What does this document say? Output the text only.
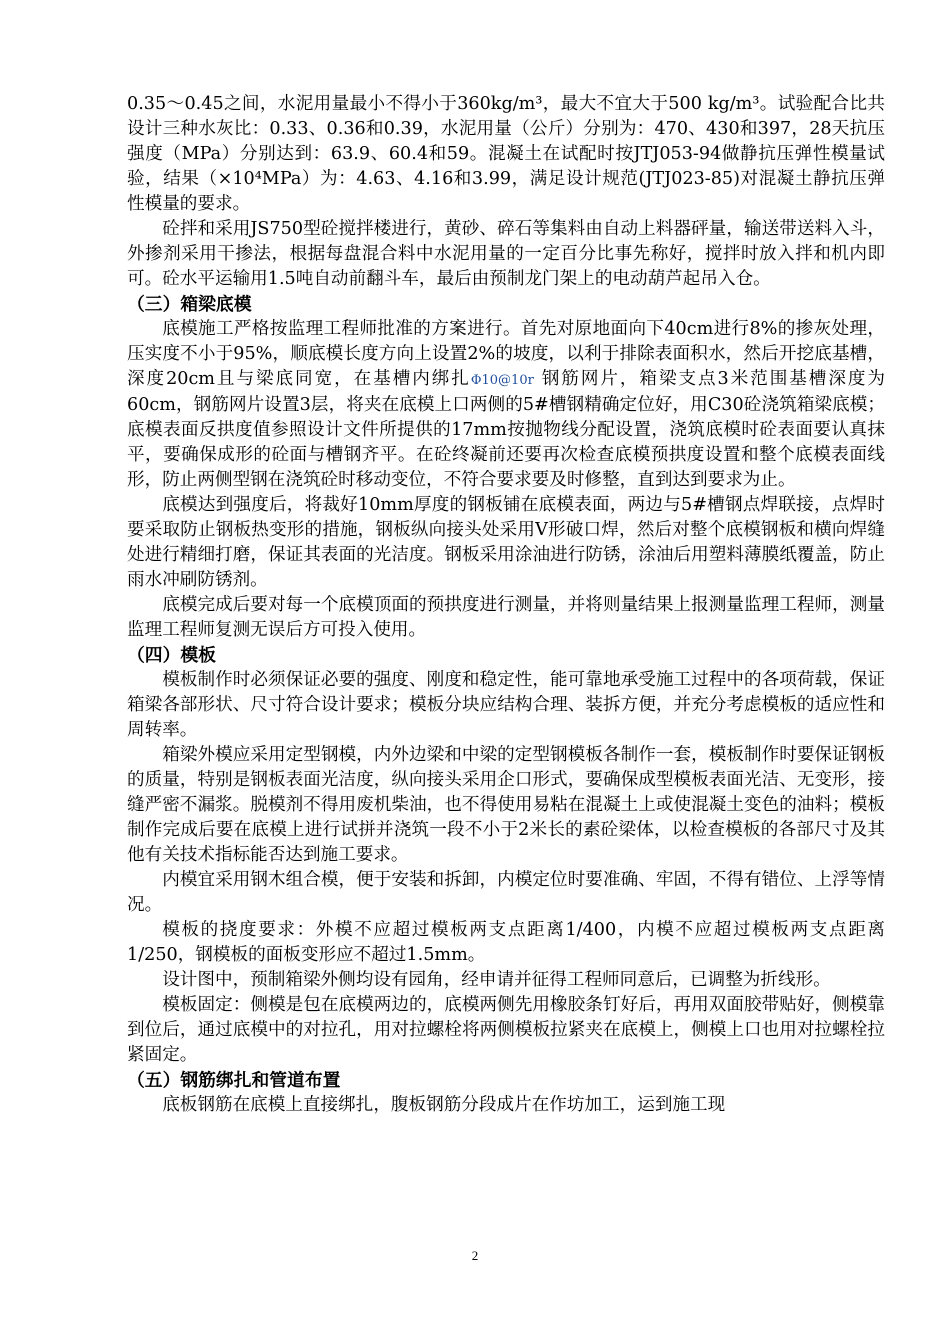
0.35～0.45之间，水泥用量最小不得小于360kg/m³，最大不宜大于500 kg/m³。试验配合比共设计三种水灰比：0.33、0.36和0.39，水泥用量（公斤）分别为：470、430和397，28天抗压强度（MPa）分别达到：63.9、60.4和59。混凝土在试配时按JTJ053-94做静抗压弹性模量试验，结果（×10⁴MPa）为：4.63、4.16和3.99，满足设计规范(JTJ023-85)对混凝土静抗压弹性模量的要求。

砼拌和采用JS750型砼搅拌楼进行，黄砂、碎石等集料由自动上料器砰量，输送带送料入斗，外掺剂采用干掺法，根据每盘混合料中水泥用量的一定百分比事先称好，搅拌时放入拌和机内即可。砼水平运输用1.5吨自动前翻斗车，最后由预制龙门架上的电动葫芦起吊入仓。

（三）箱梁底模

底模施工严格按监理工程师批准的方案进行。首先对原地面向下40cm进行8%的掺灰处理，压实度不小于95%，顺底模长度方向上设置2%的坡度，以利于排除表面积水，然后开挖底基槽，深度20cm且与梁底同宽，在基槽内绑扎Φ10@10r 钢筋网片，箱梁支点3米范围基槽深度为60cm，钢筋网片设置3层，将夹在底模上口两侧的5#槽钢精确定位好，用C30砼浇筑箱梁底模；底模表面反拱度值参照设计文件所提供的17mm按抛物线分配设置，浇筑底模时砼表面要认真抹平，要确保成形的砼面与槽钢齐平。在砼终凝前还要再次检查底模预拱度设置和整个底模表面线形，防止两侧型钢在浇筑砼时移动变位，不符合要求要及时修整，直到达到要求为止。

底模达到强度后，将裁好10mm厚度的钢板铺在底模表面，两边与5#槽钢点焊联接，点焊时要采取防止钢板热变形的措施，钢板纵向接头处采用V形破口焊，然后对整个底模钢板和横向焊缝处进行精细打磨，保证其表面的光洁度。钢板采用涂油进行防锈，涂油后用塑料薄膜纸覆盖，防止雨水冲刷防锈剂。

底模完成后要对每一个底模顶面的预拱度进行测量，并将则量结果上报测量监理工程师，测量监理工程师复测无误后方可投入使用。

（四）模板

模板制作时必须保证必要的强度、刚度和稳定性，能可靠地承受施工过程中的各项荷载，保证箱梁各部形状、尺寸符合设计要求；模板分块应结构合理、装拆方便，并充分考虑模板的适应性和周转率。

箱梁外模应采用定型钢模，内外边梁和中梁的定型钢模板各制作一套，模板制作时要保证钢板的质量，特别是钢板表面光洁度，纵向接头采用企口形式，要确保成型模板表面光洁、无变形，接缝严密不漏浆。脱模剂不得用废机柴油，也不得使用易粘在混凝土上或使混凝土变色的油料；模板制作完成后要在底模上进行试拼并浇筑一段不小于2米长的素砼梁体，以检查模板的各部尺寸及其他有关技术指标能否达到施工要求。

内模宜采用钢木组合模，便于安装和拆卸，内模定位时要准确、牢固，不得有错位、上浮等情况。

模板的挠度要求：外模不应超过模板两支点距离1/400，内模不应超过模板两支点距离1/250，钢模板的面板变形应不超过1.5mm。

设计图中，预制箱梁外侧均设有园角，经申请并征得工程师同意后，已调整为折线形。

模板固定：侧模是包在底模两边的，底模两侧先用橡胶条钉好后，再用双面胶带贴好，侧模靠到位后，通过底模中的对拉孔，用对拉螺栓将两侧模板拉紧夹在底模上，侧模上口也用对拉螺栓拉紧固定。

（五）钢筋绑扎和管道布置

底板钢筋在底模上直接绑扎，腹板钢筋分段成片在作坊加工，运到施工现

2
